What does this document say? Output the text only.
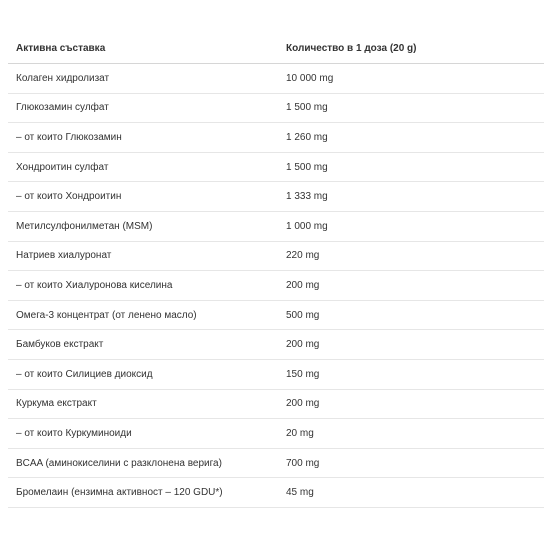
Активна съставка	Количество в 1 доза (20 g)
Колаген хидролизат	10 000 mg
Глюкозамин сулфат	1 500 mg
– от които Глюкозамин	1 260 mg
Хондроитин сулфат	1 500 mg
– от които Хондроитин	1 333 mg
Метилсулфонилметан (MSM)	1 000 mg
Натриев хиалуронат	220 mg
– от които Хиалуронова киселина	200 mg
Омега-3 концентрат (от ленено масло)	500 mg
Бамбуков екстракт	200 mg
– от които Силициев диоксид	150 mg
Куркума екстракт	200 mg
– от които Куркуминоиди	20 mg
BCAA (аминокиселини с разклонена верига)	700 mg
Бромелаин (ензимна активност – 120 GDU*)	45 mg
